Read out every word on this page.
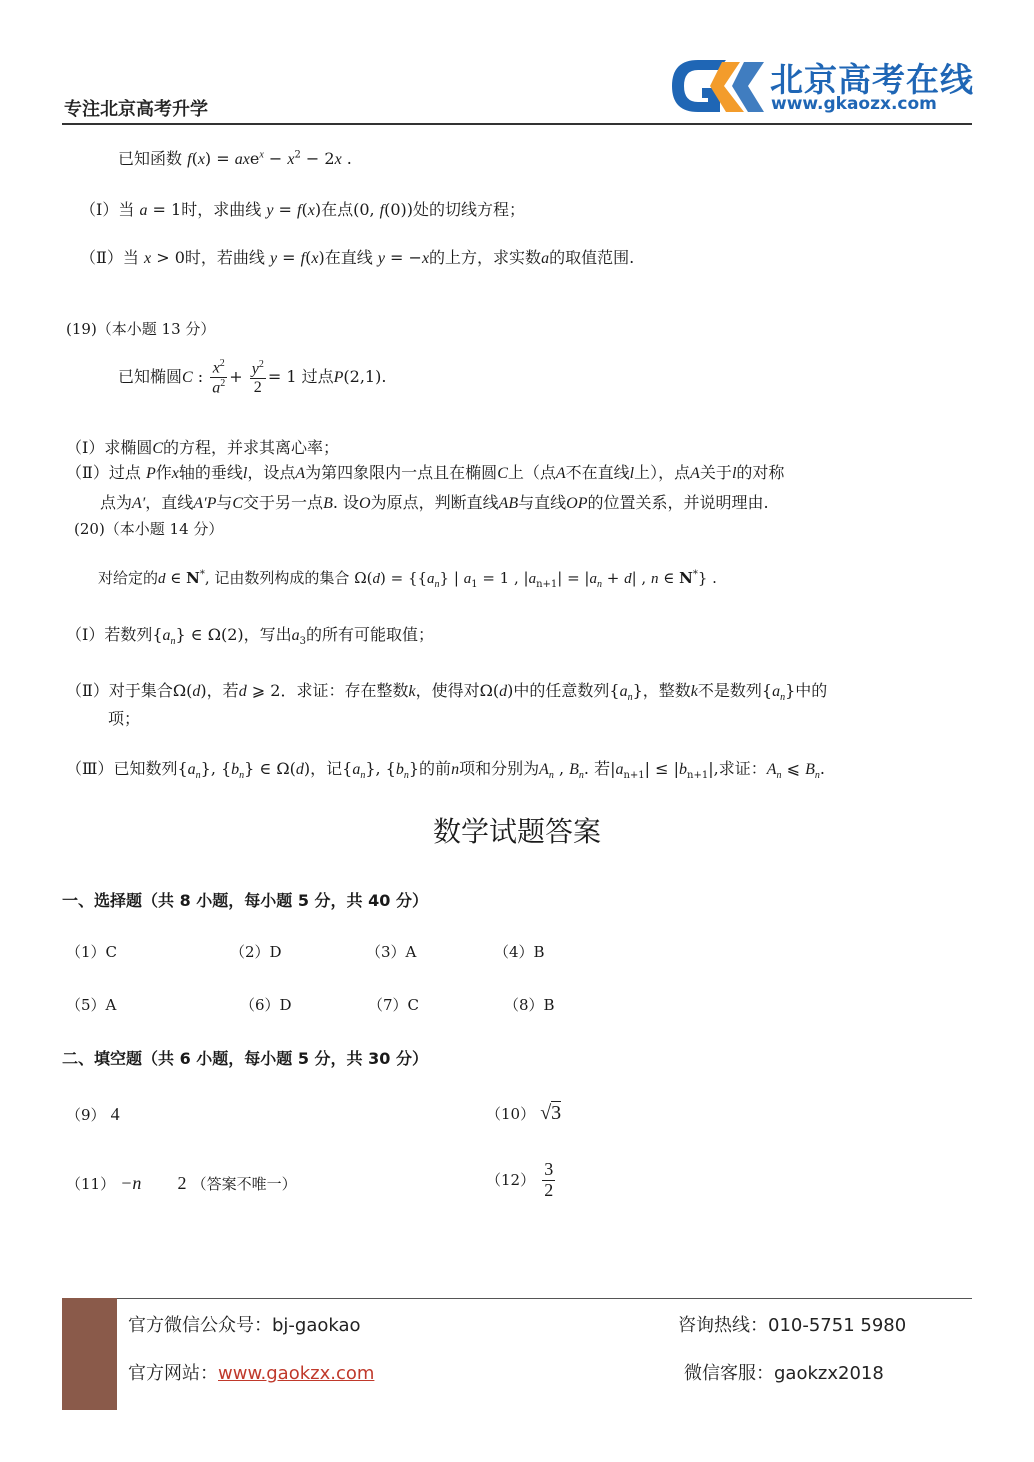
专注北京高考升学
北京高考在线
www.gkaozx.com
已知函数 $f(x) = axe^x - x^2 - 2x$ .
（Ⅰ）当 a = 1时，求曲线 y = f(x)在点(0, f(0))处的切线方程；
（Ⅱ）当 x > 0时，若曲线 y = f(x)在直线 y = −x的上方，求实数a的取值范围.
(19)（本小题 13 分）
已知椭圆C : $\frac{x^2}{a^2} + \frac{y^2}{2} = 1$ 过点P(2,1).
（Ⅰ）求椭圆C的方程，并求其离心率；
（Ⅱ）过点 P作x轴的垂线l，设点A为第四象限内一点且在椭圆C上（点A不在直线l上），点A关于l的对称
点为A′，直线A′P与C交于另一点B. 设O为原点，判断直线AB与直线OP的位置关系，并说明理由.
(20)（本小题 14 分）
对给定的d ∈ N*, 记由数列构成的集合 $\Omega(d) = \{\{a_n\}$ | $a_1 = 1$ , $|a_{n+1}| = |a_n + d|$ , n ∈ N*} .
（Ⅰ）若数列$\{a_n\}$ ∈ Ω(2)，写出$a_3$的所有可能取值；
（Ⅱ）对于集合Ω(d)，若d ⩾ 2．求证：存在整数k，使得对Ω(d)中的任意数列$\{a_n\}$，整数k不是数列$\{a_n\}$中的
项；
（Ⅲ）已知数列$\{a_n\}$, $\{b_n\}$ ∈ Ω(d)，记$\{a_n\}$, $\{b_n\}$的前n项和分别为$A_n$ , $B_n$. 若$|a_{n+1}| \le |b_{n+1}|$,求证：$A_n$ ⩽ $B_n$.
数学试题答案
一、选择题（共 8 小题，每小题 5 分，共 40 分）
（1）C	（2）D	（3）A	（4）B
（5）A	（6）D	（7）C	（8）B
二、填空题（共 6 小题，每小题 5 分，共 30 分）
（9） 4	（10） √3
（11） −n 2 （答案不唯一）	$(12) \frac{3}{2}$
官方微信公众号：bj-gaokao
官方网站：www.gaokzx.com
咨询热线：010-5751 5980
微信客服：gaokzx2018
